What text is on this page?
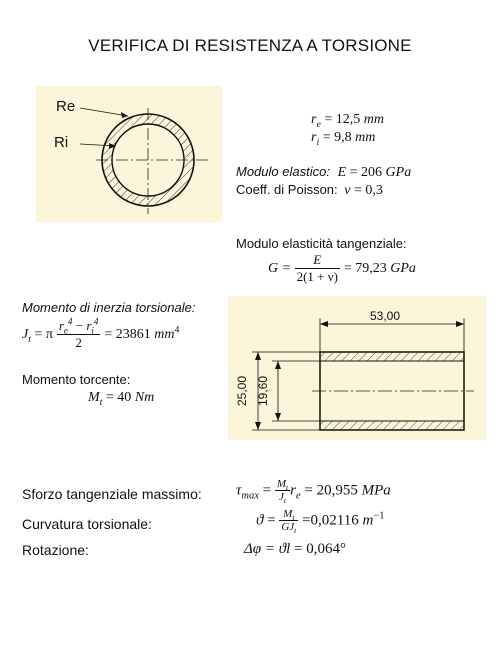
VERIFICA DI RESISTENZA A TORSIONE
Re
Ri
$r_e = 12,5$ mm
$r_i = 9,8$ mm
Modulo elastico: E = 206 GPa
Coeff. di Poisson: ν = 0,3
Modulo elasticità tangenziale:
$G = \frac{E}{2(1 + \nu)} = 79,23$ GPa
Momento di inerzia torsionale:
$J_t = \pi \frac{r_e^4 - r_i^4}{2} = 23861$ $mm^4$
Momento torcente:
$M_t = 40$ Nm
53,00
25,00 19,60
Sforzo tangenziale massimo: $\tau_{max} = \frac{M_t}{J_t} r_e = 20,955$ MPa
Curvatura torsionale:	$ϑ = \frac{M_t}{GJ_t} =0,02116$ $m^{-1}$
Rotazione:	Δφ = ϑl = 0,064°
